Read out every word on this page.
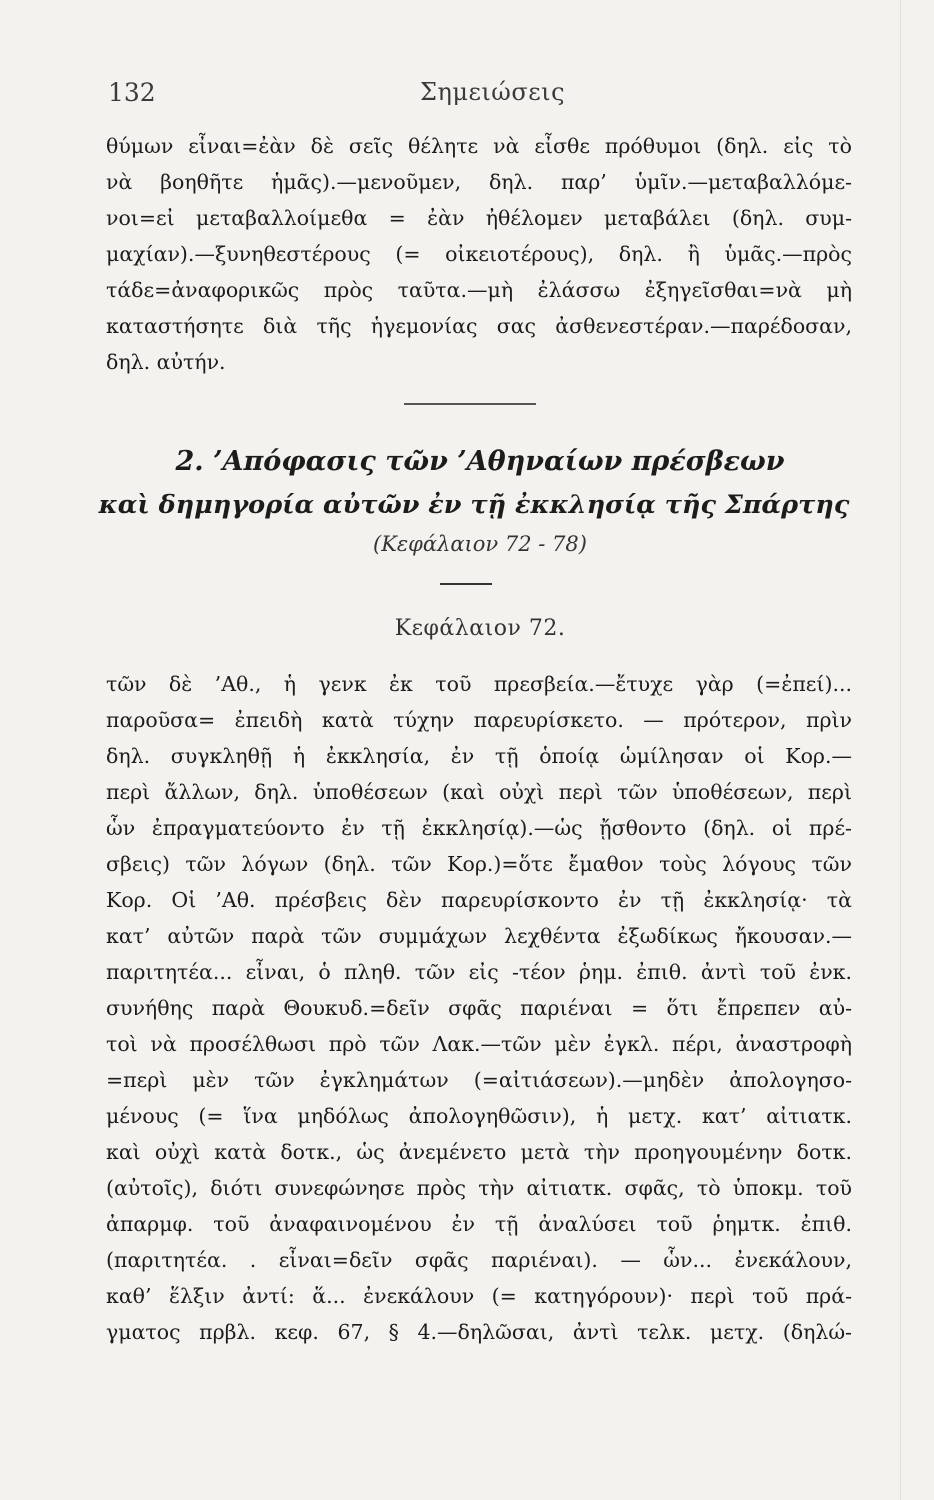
132	Σημειώσεις
θύμων εἶναι=ἐὰν δὲ σεῖς θέλητε νὰ εἶσθε πρόθυμοι (δηλ. εἰς τὸ
νὰ βοηθῆτε ἡμᾶς).—μενοῦμεν, δηλ. παρ’ ὑμῖν.—μεταβαλλόμε-
νοι=εἰ μεταβαλλοίμεθα = ἐὰν ἠθέλομεν μεταβάλει (δηλ. συμ-
μαχίαν).—ξυνηθεστέρους (= οἰκειοτέρους), δηλ. ἢ ὑμᾶς.—πρὸς
τάδε=ἀναφορικῶς πρὸς ταῦτα.—μὴ ἐλάσσω ἐξηγεῖσθαι=νὰ μὴ
καταστήσητε διὰ τῆς ἡγεμονίας σας ἀσθενεστέραν.—παρέδοσαν,
δηλ. αὐτήν.
2. ’Απόφασις τῶν ’Αθηναίων πρέσβεων
καὶ δημηγορία αὐτῶν ἐν τῇ ἐκκλησίᾳ τῆς Σπάρτης
(Κεφάλαιον 72 - 78)
Κεφάλαιον 72.
τῶν δὲ ’Αθ., ἡ γενκ ἐκ τοῦ πρεσβεία.—ἔτυχε γὰρ (=ἐπεί)...
παροῦσα= ἐπειδὴ κατὰ τύχην παρευρίσκετο. — πρότερον, πρὶν
δηλ. συγκληθῇ ἡ ἐκκλησία, ἐν τῇ ὁποίᾳ ὡμίλησαν οἱ Κορ.—
περὶ ἄλλων, δηλ. ὑποθέσεων (καὶ οὐχὶ περὶ τῶν ὑποθέσεων, περὶ
ὧν ἐπραγματεύοντο ἐν τῇ ἐκκλησίᾳ).—ὡς ᾔσθοντο (δηλ. οἱ πρέ-
σβεις) τῶν λόγων (δηλ. τῶν Κορ.)=ὅτε ἔμαθον τοὺς λόγους τῶν
Κορ. Οἱ ’Αθ. πρέσβεις δὲν παρευρίσκοντο ἐν τῇ ἐκκλησίᾳ· τὰ
κατ’ αὐτῶν παρὰ τῶν συμμάχων λεχθέντα ἐξωδίκως ἤκουσαν.—
παριτητέα... εἶναι, ὁ πληθ. τῶν εἰς -τέον ῥημ. ἐπιθ. ἀντὶ τοῦ ἐνκ.
συνήθης παρὰ Θουκυδ.=δεῖν σφᾶς παριέναι = ὅτι ἔπρεπεν αὐ-
τοὶ νὰ προσέλθωσι πρὸ τῶν Λακ.—τῶν μὲν ἐγκλ. πέρι, ἀναστροφὴ
=περὶ μὲν τῶν ἐγκλημάτων (=αἰτιάσεων).—μηδὲν ἀπολογησο-
μένους (= ἵνα μηδόλως ἀπολογηθῶσιν), ἡ μετχ. κατ’ αἰτιατκ.
καὶ οὐχὶ κατὰ δοτκ., ὡς ἀνεμένετο μετὰ τὴν προηγουμένην δοτκ.
(αὐτοῖς), διότι συνεφώνησε πρὸς τὴν αἰτιατκ. σφᾶς, τὸ ὑποκμ. τοῦ
ἀπαρμφ. τοῦ ἀναφαινομένου ἐν τῇ ἀναλύσει τοῦ ῥημτκ. ἐπιθ.
(παριτητέα. . εἶναι=δεῖν σφᾶς παριέναι). — ὧν... ἐνεκάλουν,
καθ’ ἕλξιν ἀντί: ἅ... ἐνεκάλουν (= κατηγόρουν)· περὶ τοῦ πρά-
γματος πρβλ. κεφ. 67, § 4.—δηλῶσαι, ἀντὶ τελκ. μετχ. (δηλώ-
